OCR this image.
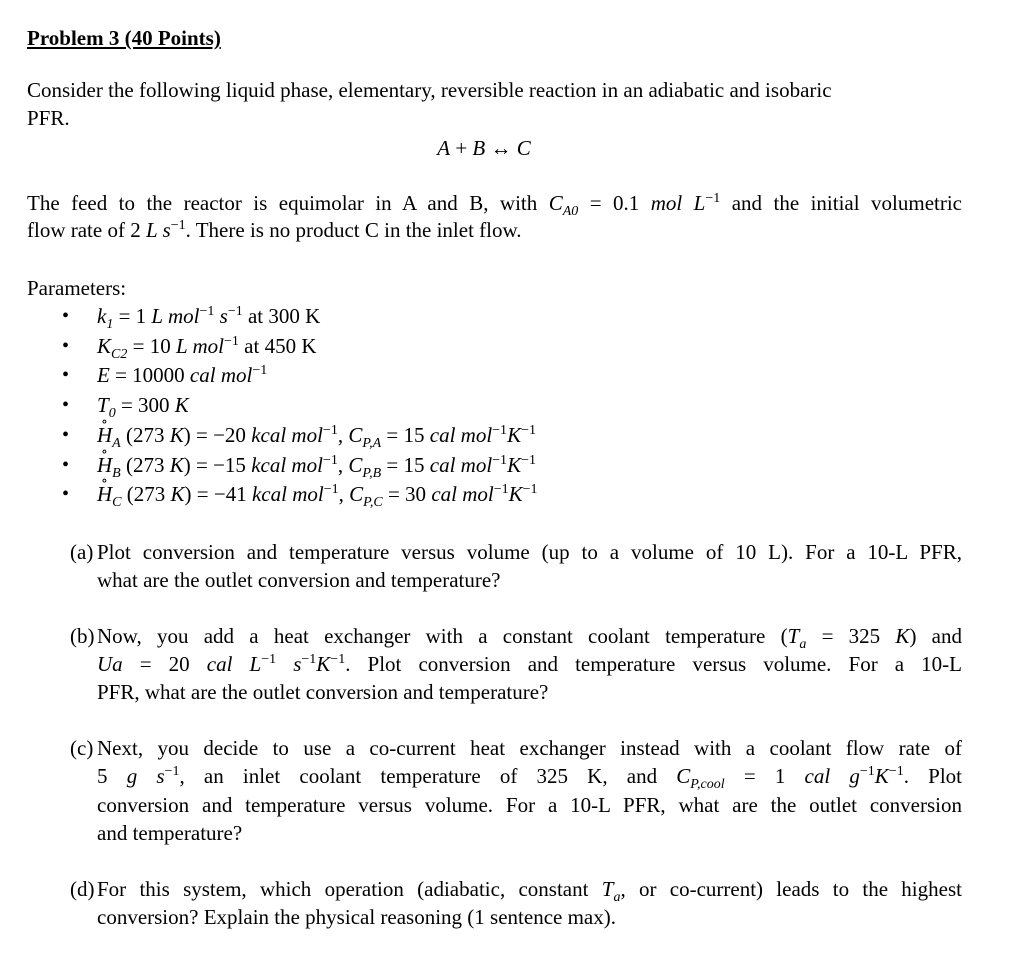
Problem 3 (40 Points)
Consider the following liquid phase, elementary, reversible reaction in an adiabatic and isobaric
PFR.
A + B ↔ C
The feed to the reactor is equimolar in A and B, with $C_{A0} = 0.1$ mol $L^{-1}$ and the initial volumetric
flow rate of 2 L $s^{-1}$. There is no product C in the inlet flow.
Parameters:
• $k_1 = 1$ L mol$^{-1}$ $s^{-1}$ at 300 K
• $K_{C2} = 10$ L mol$^{-1}$ at 450 K
• E = 10000 cal mol$^{-1}$
• $T_0 = 300$ K
• H $\circ_A$ (273 K) = −20 kcal mol$^{-1}$, $C_{P,A} = 15$ cal $mol^{-1}K^{-1}$
• H $\circ_B$ (273 K) = −15 kcal mol$^{-1}$, $C_{P,B} = 15$ cal $mol^{-1}K^{-1}$
• H $\circ_C$ (273 K) = −41 kcal mol$^{-1}$, $C_{P,C} = 30$ cal $mol^{-1}K^{-1}$
(a) Plot conversion and temperature versus volume (up to a volume of 10 L). For a 10-L PFR,
what are the outlet conversion and temperature?
(b) Now, you add a heat exchanger with a constant coolant temperature ($T_a = 325$ K) and
Ua = 20 cal $L^{-1}$ $s^{-1}K^{-1}$. Plot conversion and temperature versus volume. For a 10-L
PFR, what are the outlet conversion and temperature?
(c) Next, you decide to use a co-current heat exchanger instead with a coolant flow rate of
5 g $s^{-1}$, an inlet coolant temperature of 325 K, and $C_{P,cool} = 1$ cal $g^{-1}K^{-1}$. Plot
conversion and temperature versus volume. For a 10-L PFR, what are the outlet conversion
and temperature?
(d) For this system, which operation (adiabatic, constant $T_a$, or co-current) leads to the highest
conversion? Explain the physical reasoning (1 sentence max).
